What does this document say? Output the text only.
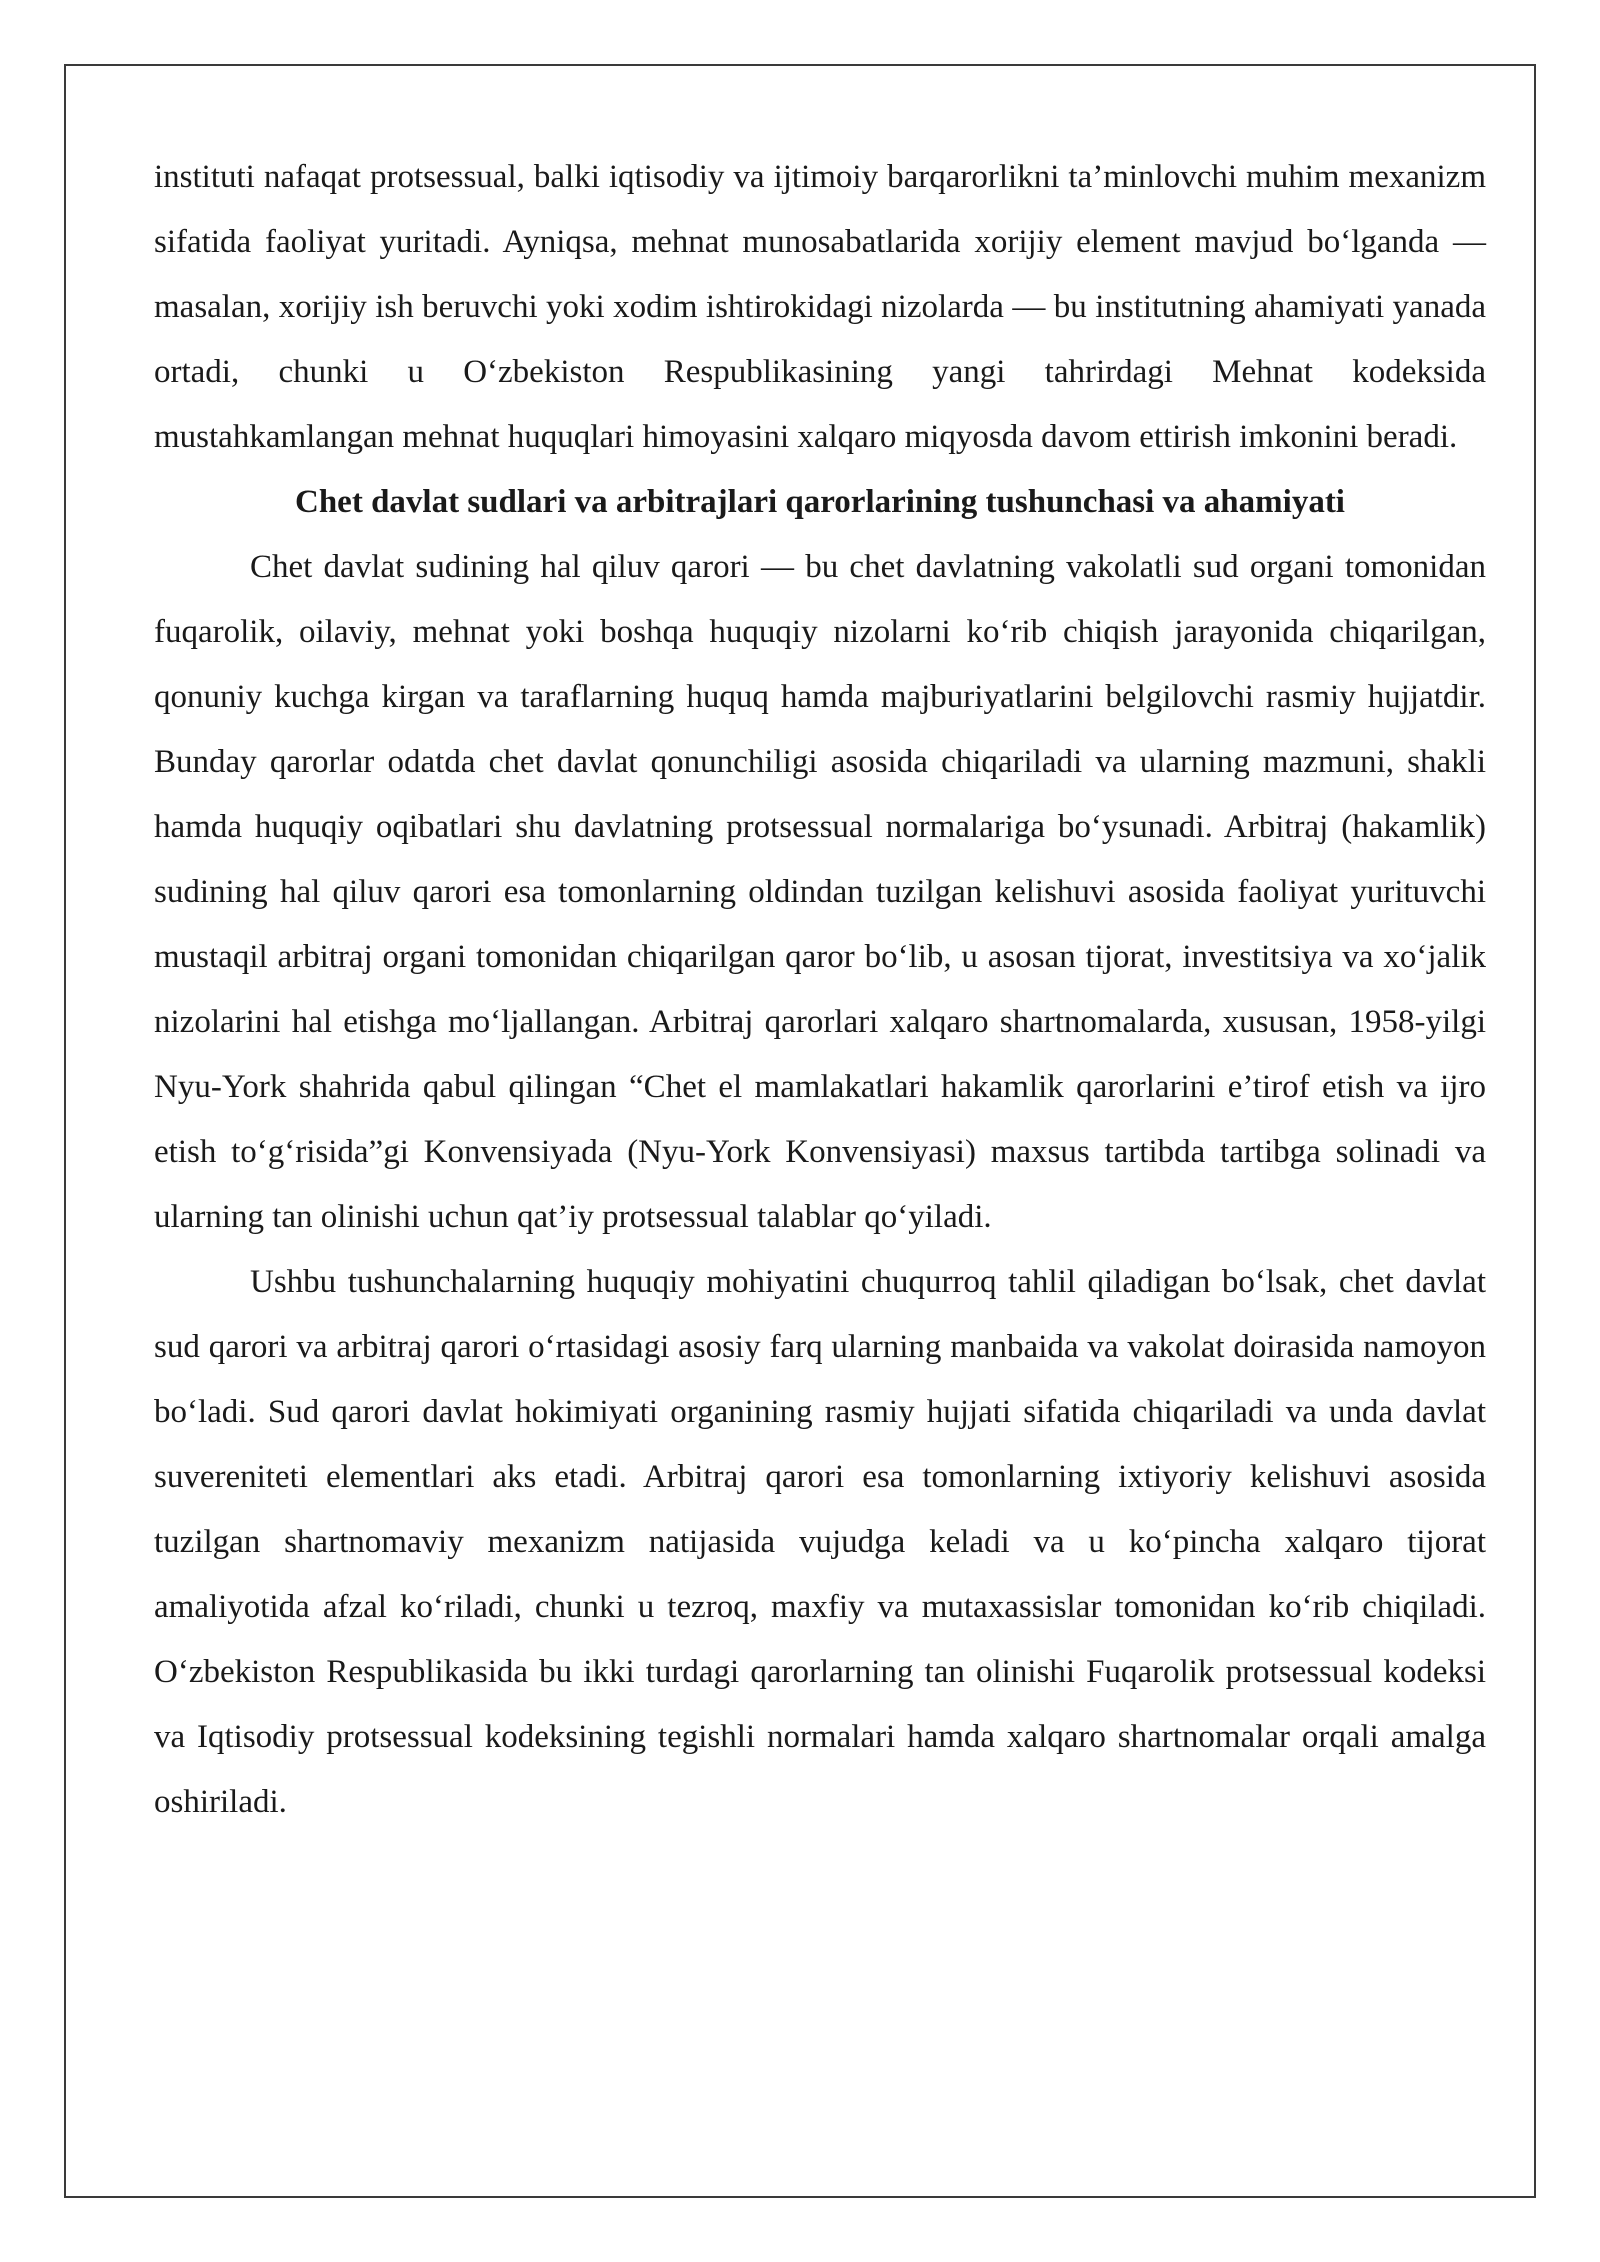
instituti nafaqat protsessual, balki iqtisodiy va ijtimoiy barqarorlikni ta’minlovchi muhim mexanizm sifatida faoliyat yuritadi. Ayniqsa, mehnat munosabatlarida xorijiy element mavjud bo‘lganda — masalan, xorijiy ish beruvchi yoki xodim ishtirokidagi nizolarda — bu institutning ahamiyati yanada ortadi, chunki u O‘zbekiston Respublikasining yangi tahrirdagi Mehnat kodeksida mustahkamlangan mehnat huquqlari himoyasini xalqaro miqyosda davom ettirish imkonini beradi.

Chet davlat sudlari va arbitrajlari qarorlarining tushunchasi va ahamiyati

Chet davlat sudining hal qiluv qarori — bu chet davlatning vakolatli sud organi tomonidan fuqarolik, oilaviy, mehnat yoki boshqa huquqiy nizolarni ko‘rib chiqish jarayonida chiqarilgan, qonuniy kuchga kirgan va taraflarning huquq hamda majburiyatlarini belgilovchi rasmiy hujjatdir. Bunday qarorlar odatda chet davlat qonunchiligi asosida chiqariladi va ularning mazmuni, shakli hamda huquqiy oqibatlari shu davlatning protsessual normalariga bo‘ysunadi. Arbitraj (hakamlik) sudining hal qiluv qarori esa tomonlarning oldindan tuzilgan kelishuvi asosida faoliyat yurituvchi mustaqil arbitraj organi tomonidan chiqarilgan qaror bo‘lib, u asosan tijorat, investitsiya va xo‘jalik nizolarini hal etishga mo‘ljallangan. Arbitraj qarorlari xalqaro shartnomalarda, xususan, 1958-yilgi Nyu-York shahrida qabul qilingan “Chet el mamlakatlari hakamlik qarorlarini e’tirof etish va ijro etish to‘g‘risida”gi Konvensiyada (Nyu-York Konvensiyasi) maxsus tartibda tartibga solinadi va ularning tan olinishi uchun qat’iy protsessual talablar qo‘yiladi.

Ushbu tushunchalarning huquqiy mohiyatini chuqurroq tahlil qiladigan bo‘lsak, chet davlat sud qarori va arbitraj qarori o‘rtasidagi asosiy farq ularning manbaida va vakolat doirasida namoyon bo‘ladi. Sud qarori davlat hokimiyati organining rasmiy hujjati sifatida chiqariladi va unda davlat suvereniteti elementlari aks etadi. Arbitraj qarori esa tomonlarning ixtiyoriy kelishuvi asosida tuzilgan shartnomaviy mexanizm natijasida vujudga keladi va u ko‘pincha xalqaro tijorat amaliyotida afzal ko‘riladi, chunki u tezroq, maxfiy va mutaxassislar tomonidan ko‘rib chiqiladi. O‘zbekiston Respublikasida bu ikki turdagi qarorlarning tan olinishi Fuqarolik protsessual kodeksi va Iqtisodiy protsessual kodeksining tegishli normalari hamda xalqaro shartnomalar orqali amalga oshiriladi.
